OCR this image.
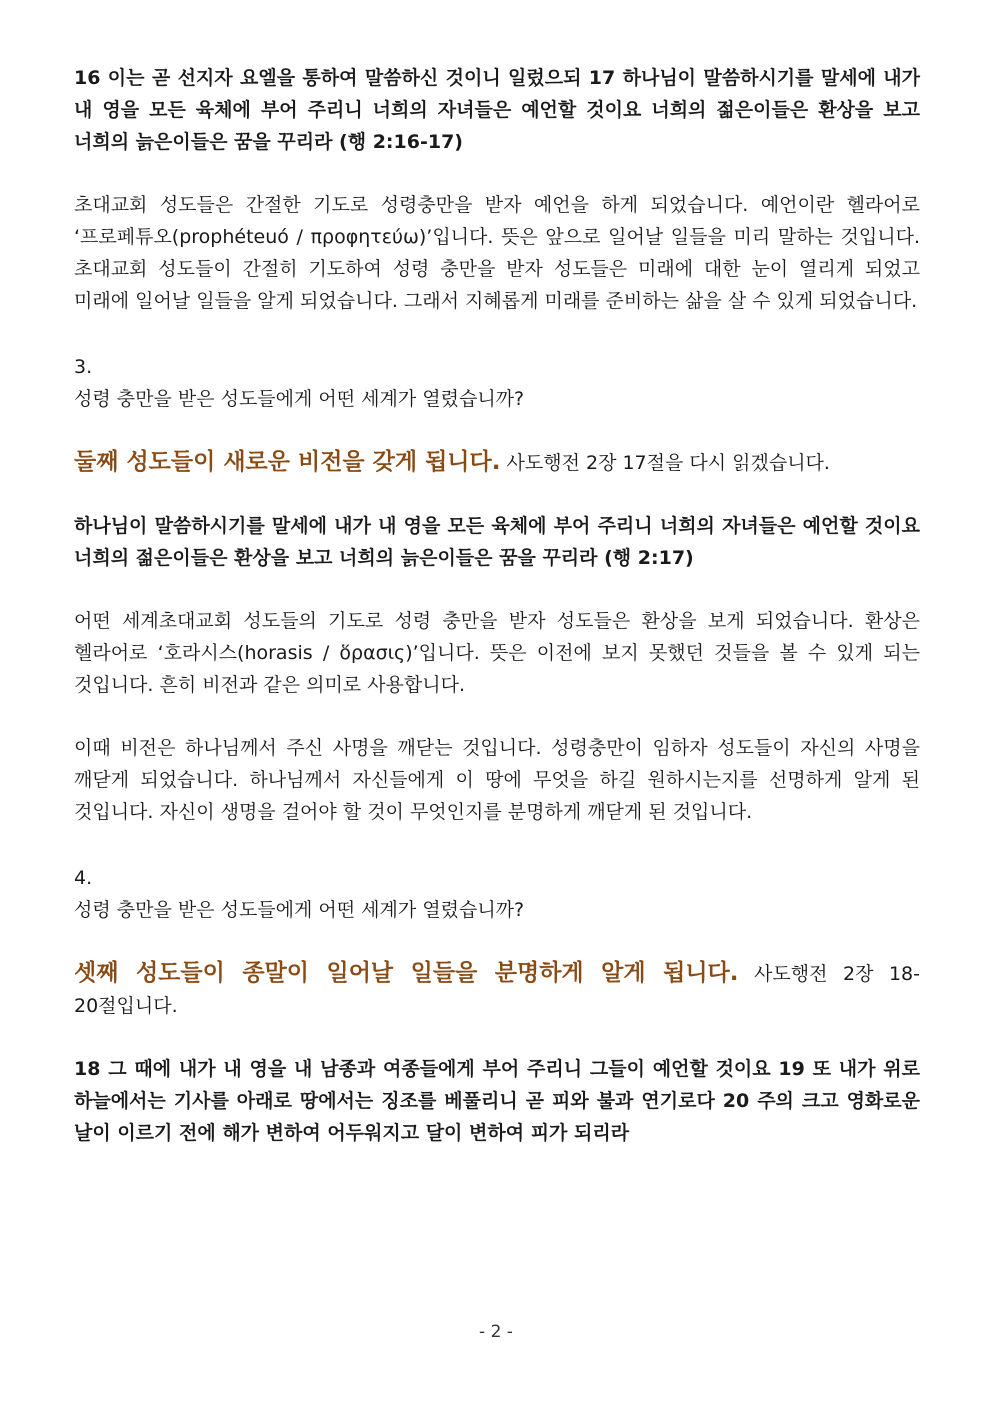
16 이는 곧 선지자 요엘을 통하여 말씀하신 것이니 일렀으되 17 하나님이 말씀하시기를 말세에 내가 내 영을 모든 육체에 부어 주리니 너희의 자녀들은 예언할 것이요 너희의 젊은이들은 환상을 보고 너희의 늙은이들은 꿈을 꾸리라 (행 2:16-17)

초대교회 성도들은 간절한 기도로 성령충만을 받자 예언을 하게 되었습니다. 예언이란 헬라어로 ‘프로페튜오(prophéteuó / προφητεύω)’입니다. 뜻은 앞으로 일어날 일들을 미리 말하는 것입니다. 초대교회 성도들이 간절히 기도하여 성령 충만을 받자 성도들은 미래에 대한 눈이 열리게 되었고 미래에 일어날 일들을 알게 되었습니다. 그래서 지혜롭게 미래를 준비하는 삶을 살 수 있게 되었습니다.

3.

성령 충만을 받은 성도들에게 어떤 세계가 열렸습니까?

둘째 성도들이 새로운 비전을 갖게 됩니다. 사도행전 2장 17절을 다시 읽겠습니다.

하나님이 말씀하시기를 말세에 내가 내 영을 모든 육체에 부어 주리니 너희의 자녀들은 예언할 것이요 너희의 젊은이들은 환상을 보고 너희의 늙은이들은 꿈을 꾸리라 (행 2:17)

어떤 세계초대교회 성도들의 기도로 성령 충만을 받자 성도들은 환상을 보게 되었습니다. 환상은 헬라어로 ‘호라시스(horasis / ὅρασις)’입니다. 뜻은 이전에 보지 못했던 것들을 볼 수 있게 되는 것입니다. 흔히 비전과 같은 의미로 사용합니다.

이때 비전은 하나님께서 주신 사명을 깨닫는 것입니다. 성령충만이 임하자 성도들이 자신의 사명을 깨닫게 되었습니다. 하나님께서 자신들에게 이 땅에 무엇을 하길 원하시는지를 선명하게 알게 된 것입니다. 자신이 생명을 걸어야 할 것이 무엇인지를 분명하게 깨닫게 된 것입니다.

4.

성령 충만을 받은 성도들에게 어떤 세계가 열렸습니까?

셋째 성도들이 종말이 일어날 일들을 분명하게 알게 됩니다. 사도행전 2장 18-20절입니다.

18 그 때에 내가 내 영을 내 남종과 여종들에게 부어 주리니 그들이 예언할 것이요 19 또 내가 위로 하늘에서는 기사를 아래로 땅에서는 징조를 베풀리니 곧 피와 불과 연기로다 20 주의 크고 영화로운 날이 이르기 전에 해가 변하여 어두워지고 달이 변하여 피가 되리라

- 2 -
